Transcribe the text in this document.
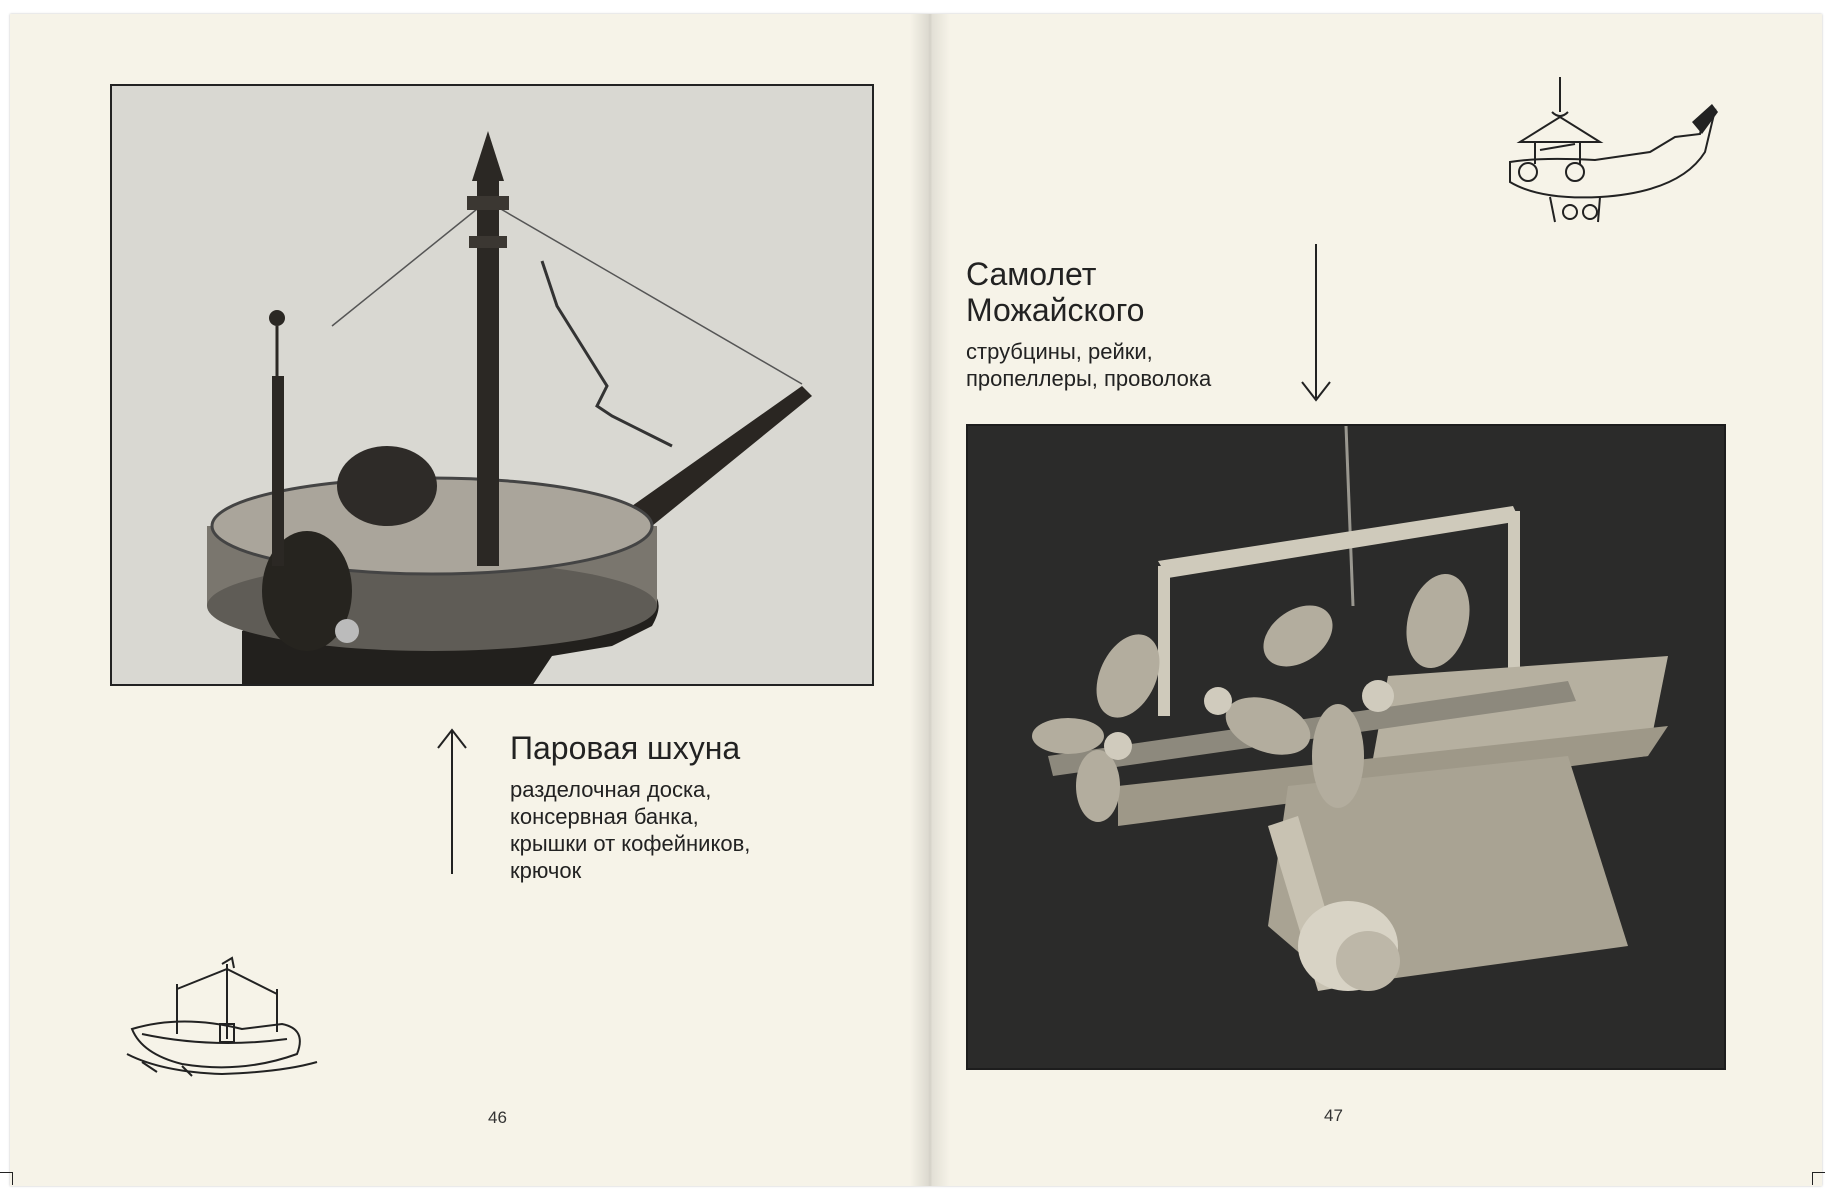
Паровая шхуна
разделочная доска,
консервная банка,
крышки от кофейников,
крючок
46
Самолет
Можайского
струбцины, рейки,
пропеллеры, проволока
47
